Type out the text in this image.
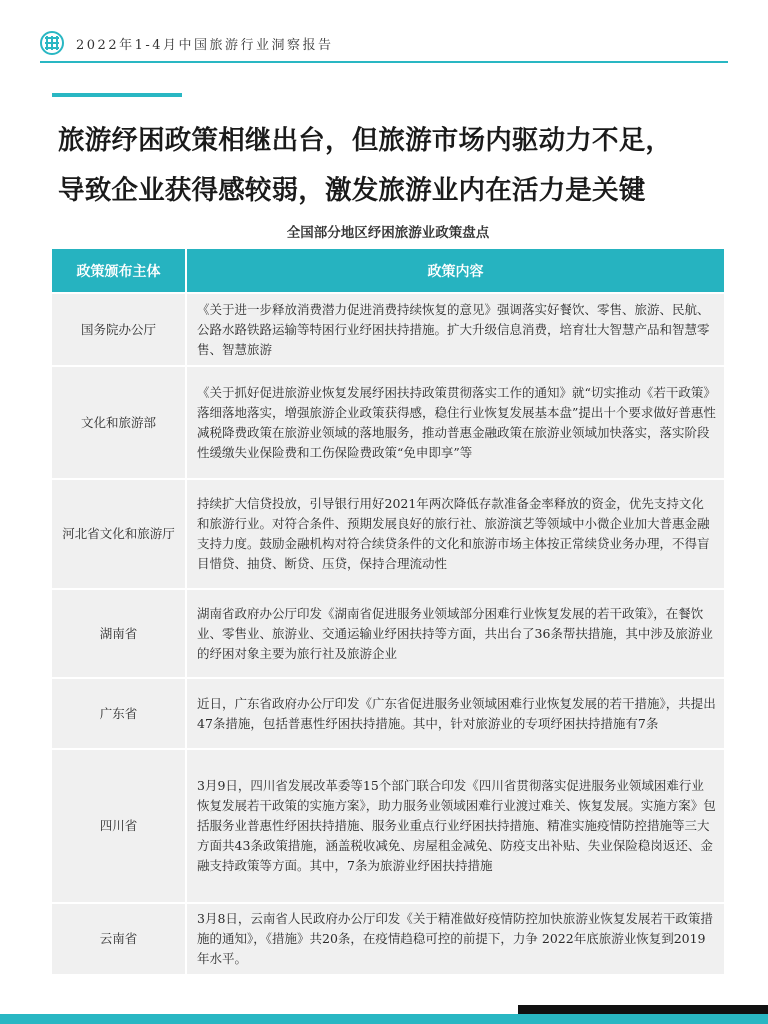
2022年1-4月中国旅游行业洞察报告
旅游纾困政策相继出台，但旅游市场内驱动力不足，
导致企业获得感较弱，激发旅游业内在活力是关键
全国部分地区纾困旅游业政策盘点
政策颁布主体	政策内容
国务院办公厅	《关于进一步释放消费潜力促进消费持续恢复的意见》强调落实好餐饮、零售、旅游、民航、公路水路铁路运输等特困行业纾困扶持措施。扩大升级信息消费，培育壮大智慧产品和智慧零售、智慧旅游
文化和旅游部	《关于抓好促进旅游业恢复发展纾困扶持政策贯彻落实工作的通知》就“切实推动《若干政策》落细落地落实，增强旅游企业政策获得感，稳住行业恢复发展基本盘”提出十个要求做好普惠性减税降费政策在旅游业领域的落地服务，推动普惠金融政策在旅游业领域加快落实，落实阶段性缓缴失业保险费和工伤保险费政策“免申即享”等
河北省文化和旅游厅	持续扩大信贷投放，引导银行用好2021年两次降低存款准备金率释放的资金，优先支持文化和旅游行业。对符合条件、预期发展良好的旅行社、旅游演艺等领域中小微企业加大普惠金融支持力度。鼓励金融机构对符合续贷条件的文化和旅游市场主体按正常续贷业务办理，不得盲目惜贷、抽贷、断贷、压贷，保持合理流动性
湖南省	湖南省政府办公厅印发《湖南省促进服务业领域部分困难行业恢复发展的若干政策》，在餐饮业、零售业、旅游业、交通运输业纾困扶持等方面，共出台了36条帮扶措施，其中涉及旅游业的纾困对象主要为旅行社及旅游企业
广东省	近日，广东省政府办公厅印发《广东省促进服务业领域困难行业恢复发展的若干措施》，共提出47条措施，包括普惠性纾困扶持措施。其中，针对旅游业的专项纾困扶持措施有7条
四川省	3月9日，四川省发展改革委等15个部门联合印发《四川省贯彻落实促进服务业领域困难行业恢复发展若干政策的实施方案》，助力服务业领域困难行业渡过难关、恢复发展。实施方案》包括服务业普惠性纾困扶持措施、服务业重点行业纾困扶持措施、精准实施疫情防控措施等三大方面共43条政策措施，涵盖税收减免、房屋租金减免、防疫支出补贴、失业保险稳岗返还、金融支持政策等方面。其中，7条为旅游业纾困扶持措施
云南省	3月8日，云南省人民政府办公厅印发《关于精准做好疫情防控加快旅游业恢复发展若干政策措施的通知》，《措施》共20条，在疫情趋稳可控的前提下，力争 2022年底旅游业恢复到2019年水平。
